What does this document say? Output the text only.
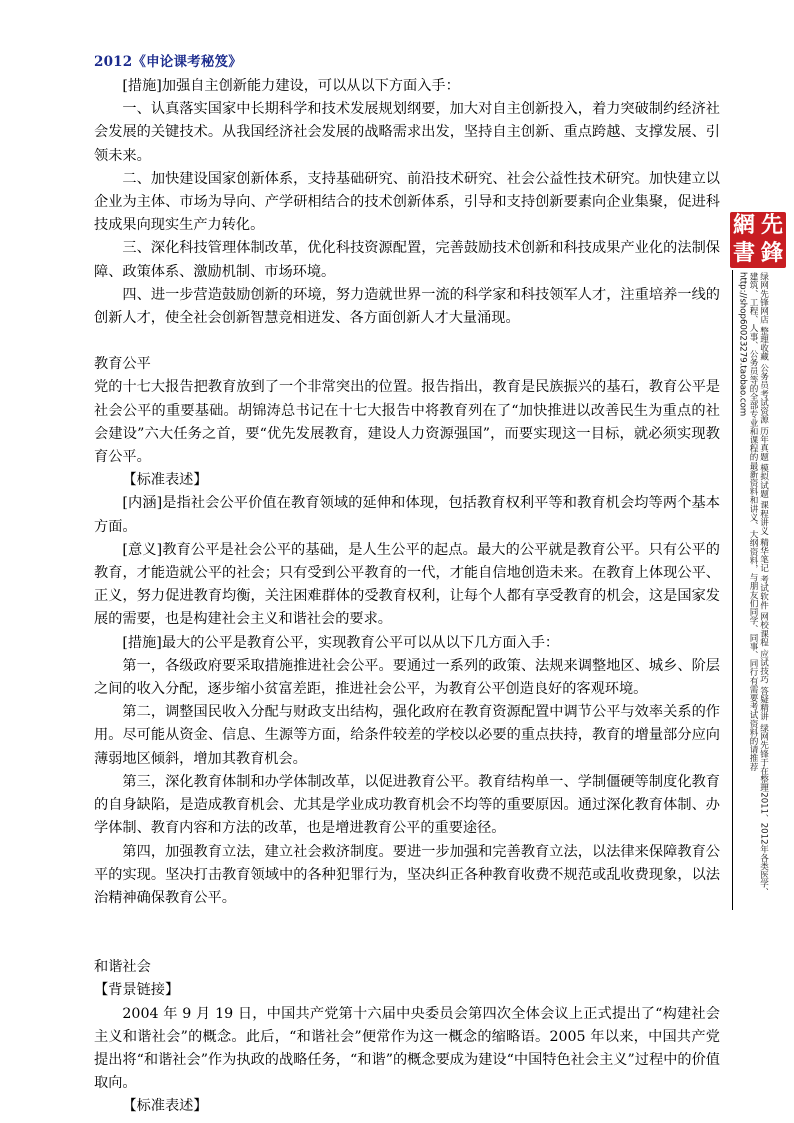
2012《申论课考秘笈》

[措施]加强自主创新能力建设，可以从以下方面入手：

一、认真落实国家中长期科学和技术发展规划纲要，加大对自主创新投入，着力突破制约经济社会发展的关键技术。从我国经济社会发展的战略需求出发，坚持自主创新、重点跨越、支撑发展、引领未来。

二、加快建设国家创新体系，支持基础研究、前沿技术研究、社会公益性技术研究。加快建立以企业为主体、市场为导向、产学研相结合的技术创新体系，引导和支持创新要素向企业集聚，促进科技成果向现实生产力转化。

三、深化科技管理体制改革，优化科技资源配置，完善鼓励技术创新和科技成果产业化的法制保障、政策体系、激励机制、市场环境。

四、进一步营造鼓励创新的环境，努力造就世界一流的科学家和科技领军人才，注重培养一线的创新人才，使全社会创新智慧竞相迸发、各方面创新人才大量涌现。

教育公平

党的十七大报告把教育放到了一个非常突出的位置。报告指出，教育是民族振兴的基石，教育公平是社会公平的重要基础。胡锦涛总书记在十七大报告中将教育列在了“加快推进以改善民生为重点的社会建设”六大任务之首，要“优先发展教育，建设人力资源强国”，而要实现这一目标，就必须实现教育公平。

【标准表述】

[内涵]是指社会公平价值在教育领域的延伸和体现，包括教育权利平等和教育机会均等两个基本方面。

[意义]教育公平是社会公平的基础，是人生公平的起点。最大的公平就是教育公平。只有公平的教育，才能造就公平的社会；只有受到公平教育的一代，才能自信地创造未来。在教育上体现公平、正义，努力促进教育均衡，关注困难群体的受教育权利，让每个人都有享受教育的机会，这是国家发展的需要，也是构建社会主义和谐社会的要求。

[措施]最大的公平是教育公平，实现教育公平可以从以下几方面入手：

第一，各级政府要采取措施推进社会公平。要通过一系列的政策、法规来调整地区、城乡、阶层之间的收入分配，逐步缩小贫富差距，推进社会公平，为教育公平创造良好的客观环境。

第二，调整国民收入分配与财政支出结构，强化政府在教育资源配置中调节公平与效率关系的作用。尽可能从资金、信息、生源等方面，给条件较差的学校以必要的重点扶持，教育的增量部分应向薄弱地区倾斜，增加其教育机会。

第三，深化教育体制和办学体制改革，以促进教育公平。教育结构单一、学制僵硬等制度化教育的自身缺陷，是造成教育机会、尤其是学业成功教育机会不均等的重要原因。通过深化教育体制、办学体制、教育内容和方法的改革，也是增进教育公平的重要途径。

第四，加强教育立法，建立社会救济制度。要进一步加强和完善教育立法，以法律来保障教育公平的实现。坚决打击教育领域中的各种犯罪行为，坚决纠正各种教育收费不规范或乱收费现象，以法治精神确保教育公平。

和谐社会

【背景链接】

2004 年 9 月 19 日，中国共产党第十六届中央委员会第四次全体会议上正式提出了“构建社会主义和谐社会”的概念。此后，“和谐社会”便常作为这一概念的缩略语。2005 年以来，中国共产党提出将“和谐社会”作为执政的战略任务，“和谐”的概念要成为建设“中国特色社会主义”过程中的价值取向。

【标准表述】

網 先
書 鋒
绿网先锋网店 整理收藏 公务员考试资源 历年真题 模拟试题 课程讲义 精华笔记 考试软件 网校课程 应试技巧 答疑精讲 绿网先锋于在整理2011、2012年各类医学、建筑、工程、人事、公务员等的全部专业和课程的最新资料和讲义、大纲资料，与朋友们同学、同事、同行有需要考试资料的请推荐 http://shop60023279.taobao.com
